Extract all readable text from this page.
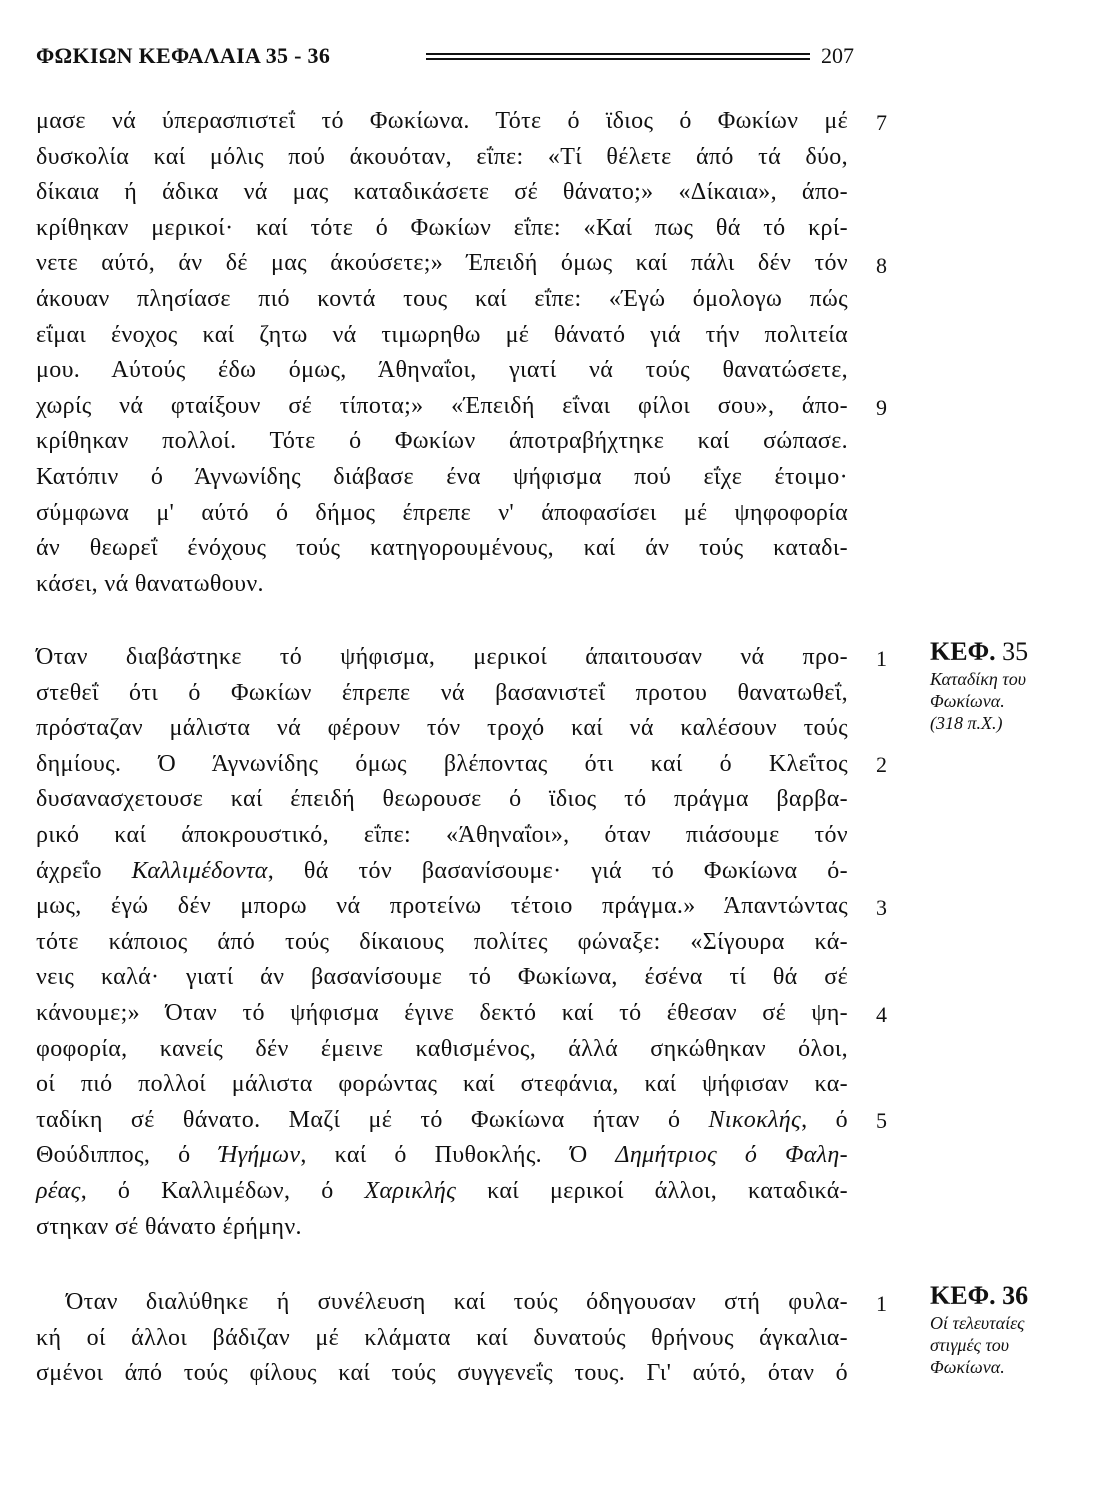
ΦΩΚΙΩΝ ΚΕΦΑΛΑΙΑ 35 - 36	207
μασε νά ύπερασπιστεΐ τό Φωκίωνα. Τότε ό ϊδιος ό Φωκίων μέ
δυσκολία καί μόλις πού άκουόταν, εΐπε: «Τί θέλετε άπό τά δύο,
δίκαια ή άδικα νά μας καταδικάσετε σέ θάνατο;» «Δίκαια», άπο-
κρίθηκαν μερικοί· καί τότε ό Φωκίων εΐπε: «Καί πως θά τό κρί-
νετε αύτό, άν δέ μας άκούσετε;» Έπειδή όμως καί πάλι δέν τόν
άκουαν πλησίασε πιό κοντά τους καί εΐπε: «Έγώ όμολογω πώς
εΐμαι ένοχος καί ζητω νά τιμωρηθω μέ θάνατό γιά τήν πολιτεία
μου. Αύτούς έδω όμως, Άθηναΐοι, γιατί νά τούς θανατώσετε,
χωρίς νά φταίξουν σέ τίποτα;» «Έπειδή εΐναι φίλοι σου», άπο-
κρίθηκαν πολλοί. Τότε ό Φωκίων άποτραβήχτηκε καί σώπασε.
Κατόπιν ό Άγνωνίδης διάβασε ένα ψήφισμα πού εΐχε έτοιμο·
σύμφωνα μ' αύτό ό δήμος έπρεπε ν' άποφασίσει μέ ψηφοφορία
άν θεωρεΐ ένόχους τούς κατηγορουμένους, καί άν τούς καταδι-
κάσει, νά θανατωθουν.
7
8
9
Όταν διαβάστηκε τό ψήφισμα, μερικοί άπαιτουσαν νά προ-
στεθεΐ ότι ό Φωκίων έπρεπε νά βασανιστεΐ προτου θανατωθεΐ,
πρόσταζαν μάλιστα νά φέρουν τόν τροχό καί νά καλέσουν τούς
δημίους. Ό Άγνωνίδης όμως βλέποντας ότι καί ό Κλεΐτος
δυσανασχετουσε καί έπειδή θεωρουσε ό ϊδιος τό πράγμα βαρβα-
ρικό καί άποκρουστικό, εΐπε: «Άθηναΐοι», όταν πιάσουμε τόν
άχρεΐο Καλλιμέδοντα, θά τόν βασανίσουμε· γιά τό Φωκίωνα ό-
μως, έγώ δέν μπορω νά προτείνω τέτοιο πράγμα.» Άπαντώντας
τότε κάποιος άπό τούς δίκαιους πολίτες φώναξε: «Σίγουρα κά-
νεις καλά· γιατί άν βασανίσουμε τό Φωκίωνα, έσένα τί θά σέ
κάνουμε;» Όταν τό ψήφισμα έγινε δεκτό καί τό έθεσαν σέ ψη-
φοφορία, κανείς δέν έμεινε καθισμένος, άλλά σηκώθηκαν όλοι,
οί πιό πολλοί μάλιστα φορώντας καί στεφάνια, καί ψήφισαν κα-
ταδίκη σέ θάνατο. Μαζί μέ τό Φωκίωνα ήταν ό Νικοκλής, ό
Θούδιππος, ό Ήγήμων, καί ό Πυθοκλής. Ό Δημήτριος ό Φαλη-
ρέας, ό Καλλιμέδων, ό Χαρικλής καί μερικοί άλλοι, καταδικά-
στηκαν σέ θάνατο έρήμην.
1
2
3
4
5
Όταν διαλύθηκε ή συνέλευση καί τούς όδηγουσαν στή φυλα-
κή οί άλλοι βάδιζαν μέ κλάματα καί δυνατούς θρήνους άγκαλια-
σμένοι άπό τούς φίλους καί τούς συγγενεΐς τους. Γι' αύτό, όταν ό
1
ΚΕΦ. 35
Καταδίκη του
Φωκίωνα.
(318 π.Χ.)
ΚΕΦ. 36
Οί τελευταίες
στιγμές του
Φωκίωνα.
